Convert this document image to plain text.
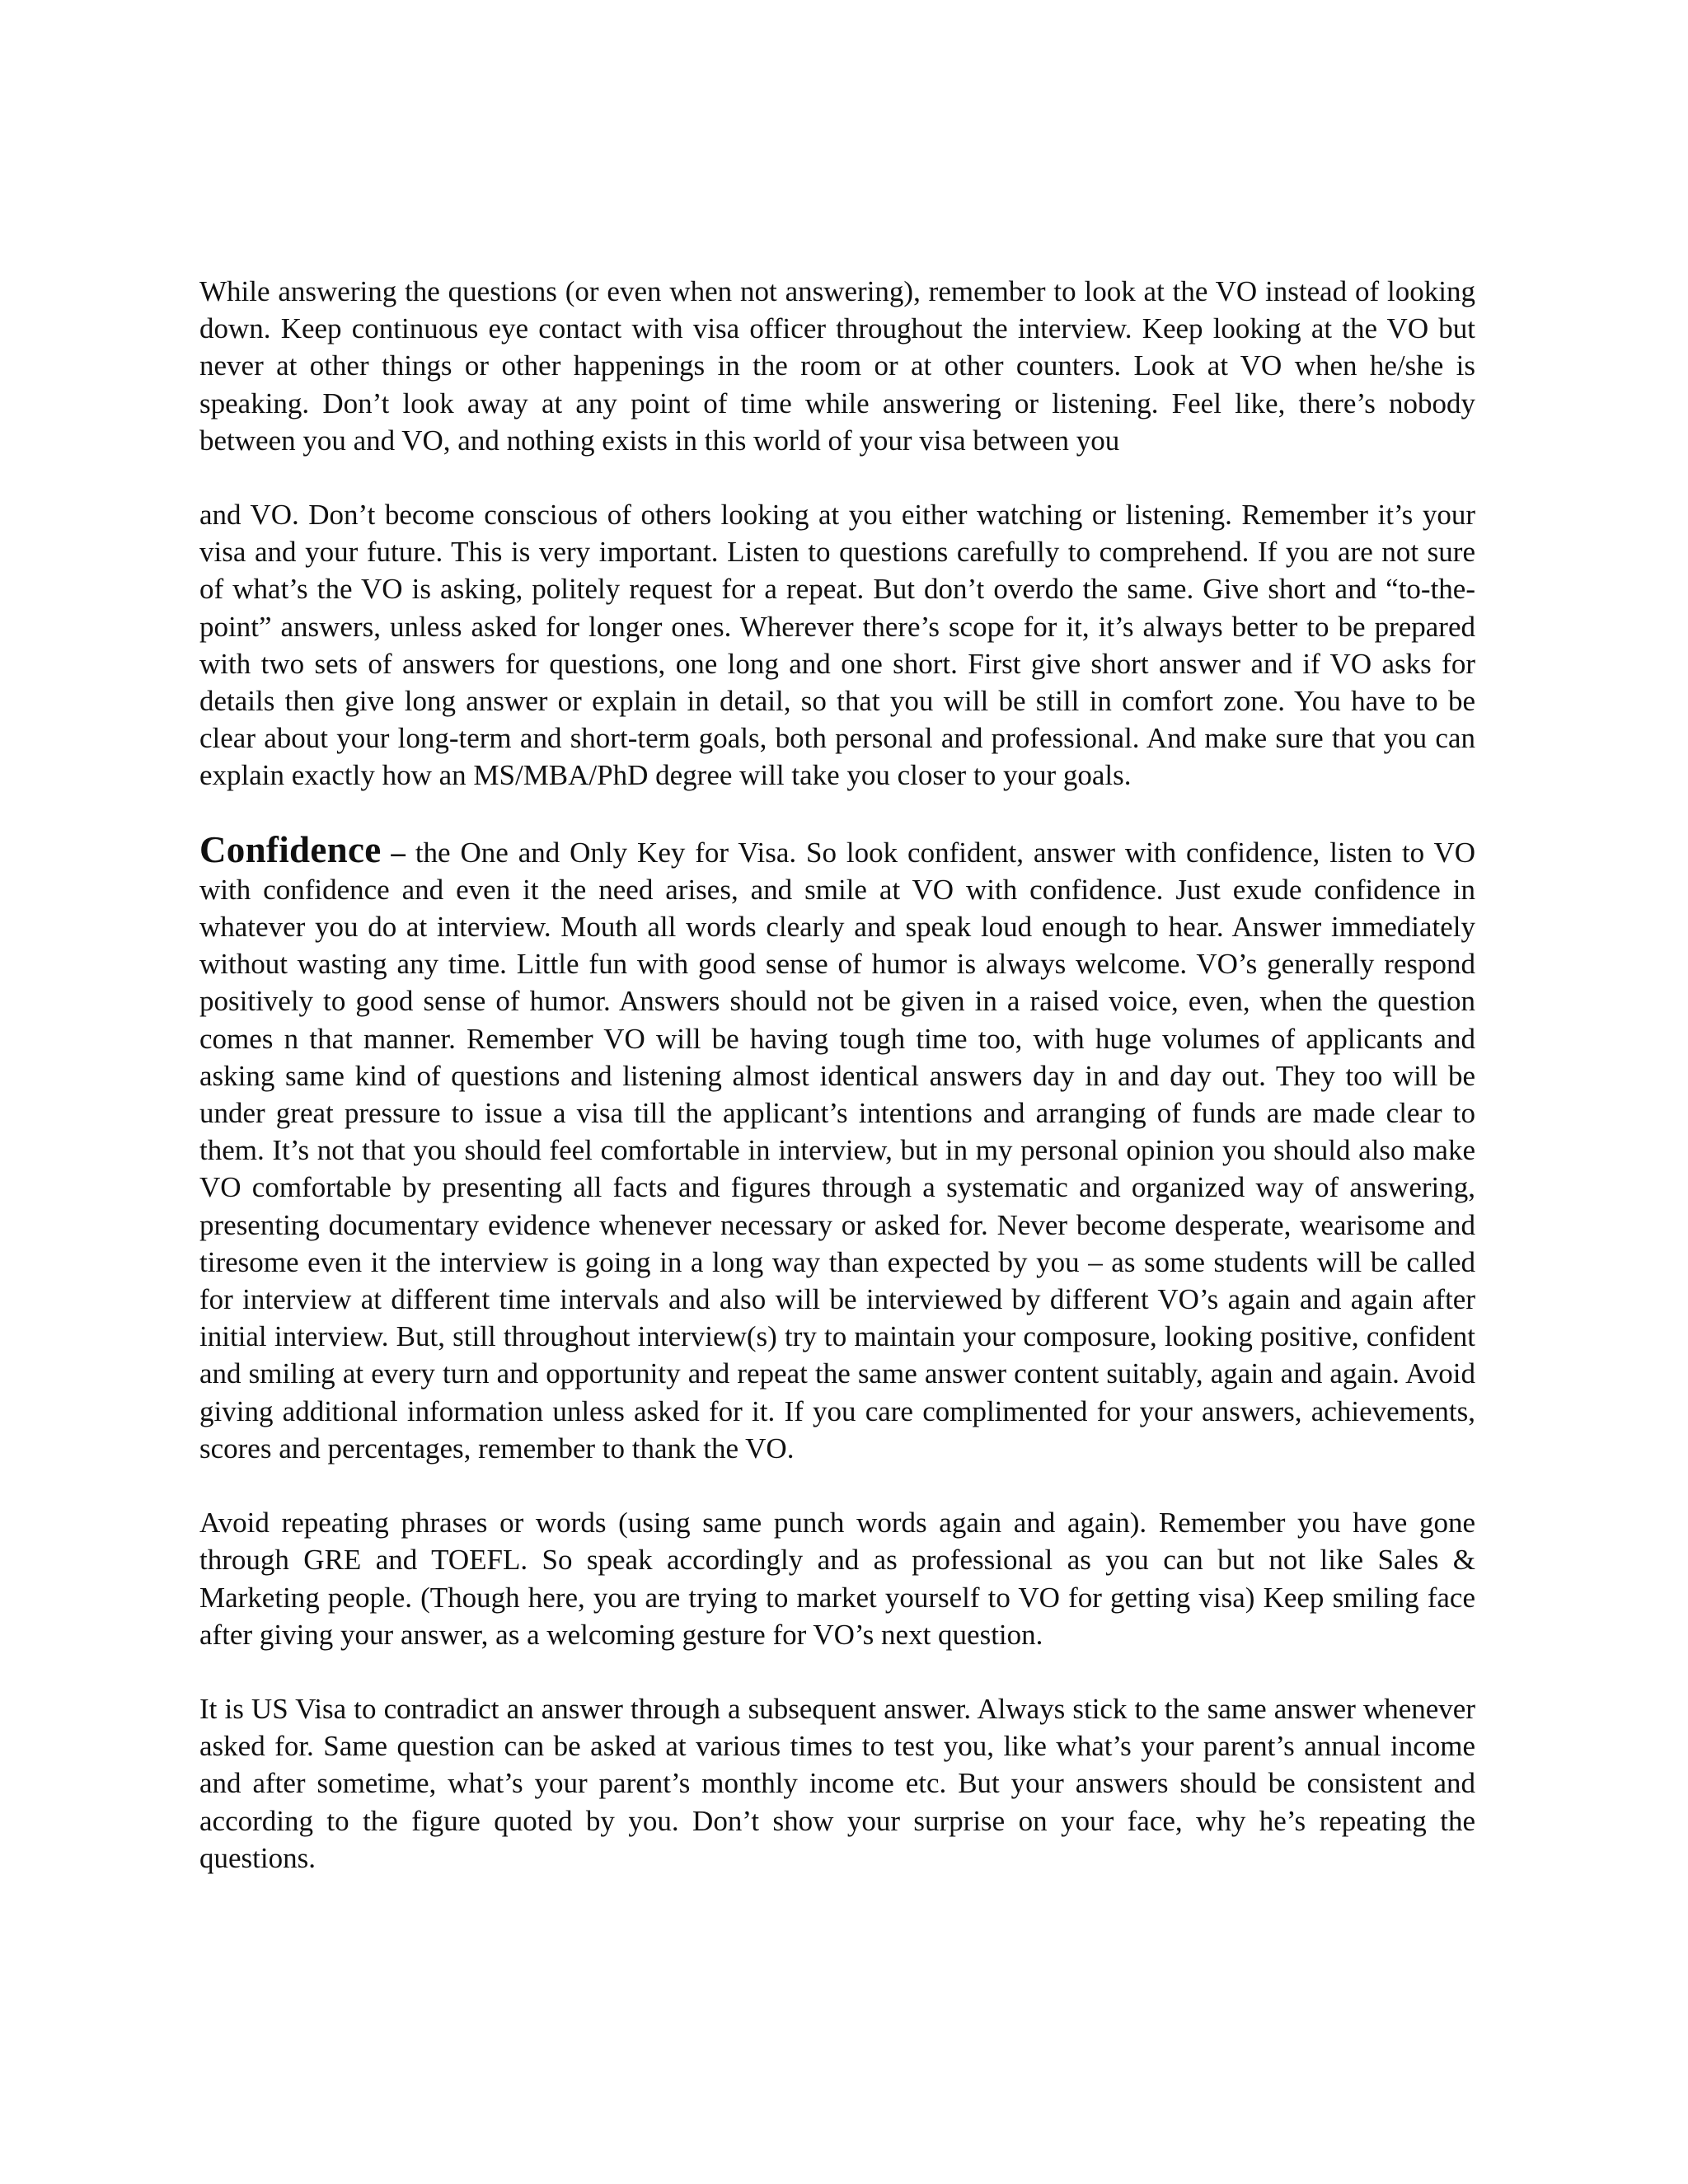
While answering the questions (or even when not answering), remember to look at the VO instead of looking down. Keep continuous eye contact with visa officer throughout the interview. Keep looking at the VO but never at other things or other happenings in the room or at other counters. Look at VO when he/she is speaking. Don’t look away at any point of time while answering or listening. Feel like, there’s nobody between you and VO, and nothing exists in this world of your visa between you

and VO. Don’t become conscious of others looking at you either watching or listening. Remember it’s your visa and your future. This is very important. Listen to questions carefully to comprehend. If you are not sure of what’s the VO is asking, politely request for a repeat. But don’t overdo the same. Give short and “to-the-point” answers, unless asked for longer ones. Wherever there’s scope for it, it’s always better to be prepared with two sets of answers for questions, one long and one short. First give short answer and if VO asks for details then give long answer or explain in detail, so that you will be still in comfort zone. You have to be clear about your long-term and short-term goals, both personal and professional. And make sure that you can explain exactly how an MS/MBA/PhD degree will take you closer to your goals.

Confidence – the One and Only Key for Visa. So look confident, answer with confidence, listen to VO with confidence and even it the need arises, and smile at VO with confidence. Just exude confidence in whatever you do at interview. Mouth all words clearly and speak loud enough to hear. Answer immediately without wasting any time. Little fun with good sense of humor is always welcome. VO’s generally respond positively to good sense of humor. Answers should not be given in a raised voice, even, when the question comes n that manner. Remember VO will be having tough time too, with huge volumes of applicants and asking same kind of questions and listening almost identical answers day in and day out. They too will be under great pressure to issue a visa till the applicant’s intentions and arranging of funds are made clear to them. It’s not that you should feel comfortable in interview, but in my personal opinion you should also make VO comfortable by presenting all facts and figures through a systematic and organized way of answering, presenting documentary evidence whenever necessary or asked for. Never become desperate, wearisome and tiresome even it the interview is going in a long way than expected by you – as some students will be called for interview at different time intervals and also will be interviewed by different VO’s again and again after initial interview. But, still throughout interview(s) try to maintain your composure, looking positive, confident and smiling at every turn and opportunity and repeat the same answer content suitably, again and again. Avoid giving additional information unless asked for it. If you care complimented for your answers, achievements, scores and percentages, remember to thank the VO.

Avoid repeating phrases or words (using same punch words again and again). Remember you have gone through GRE and TOEFL. So speak accordingly and as professional as you can but not like Sales & Marketing people. (Though here, you are trying to market yourself to VO for getting visa) Keep smiling face after giving your answer, as a welcoming gesture for VO’s next question.

It is US Visa to contradict an answer through a subsequent answer. Always stick to the same answer whenever asked for. Same question can be asked at various times to test you, like what’s your parent’s annual income and after sometime, what’s your parent’s monthly income etc. But your answers should be consistent and according to the figure quoted by you. Don’t show your surprise on your face, why he’s repeating the questions.
